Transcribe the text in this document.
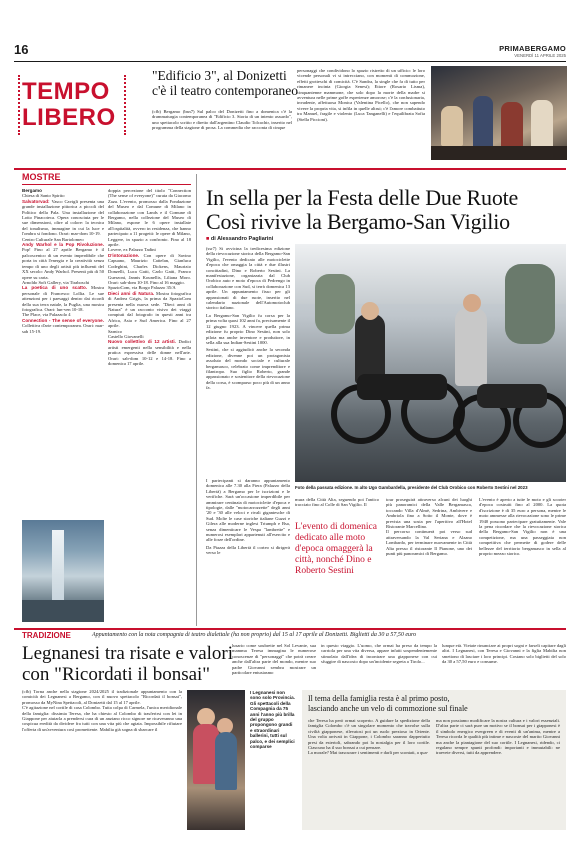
16	PRIMABERGAMO
VENERDÌ 11 APRILE 2025
TEMPO
LIBERO
"Edificio 3", al Donizetti
c'è il teatro contemporaneo
(cfb) Bergamo (bsn7) Sul palco del Donizetti fino a domenica c'è la drammaturgia contemporanea di "Edificio 3. Storia di un intento assurdo", uno spettacolo scritto e diretto dall'argentino Claudio Tolcachir, inserito nel programma della stagione di prosa. La commedia che racconta di cinque
personaggi che condividono lo spazio ristretto di un ufficio: le loro vicende personali vi si intrecciano, con momenti di commozione, effetti grotteschi di comicità. C'è Sandra, la single che fa di tutto per rimanere incinta (Giorgia Senesi); Ettore (Rosario Lisma), cinquantenne mammone, che solo dopo la morte della madre si avventura nelle prime goffe esperienze amorose; c'è la confusionaria, invadente, affettuosa Monica (Valentina Picello), che non sapendo vivere la propria vita, si infila in quelle altrui; c'è l'amore combattuto tra Manuel, fragile e violento (Luca Tanganelli) e l'equilibrata Sofia (Stella Piccioni).
MOSTRE
Bergamo
Chiesa di Santo Spirito
Salvatorvad: Vasco Cavigli presenta una grande installazione pittorica a piccoli del Politico della Pala. Una installazione del Lotto Pinacoteca. Opera conosciuta per le sue dimensioni, oltre al colore: la tecnica del tonalismo, immagine in cui la luce e l'ombra si fondono. Orari: mar-dom 10-19.
Centro Culturale San Bartolomeo
Andy Warhol e la Pop Rivoluzione. Pop! Fino al 27 aprile Bergamo è il palcoscenico di un evento imperdibile che porta in città l'energia e la creatività senza tempo di uno degli artisti più influenti del XX secolo: Andy Warhol. Presenti più di 50 opere su carta.
Arnoldo Soft Gallery, via Tiraboschi
La poetica di uno scatto. Mostra personale di Francesco Lollia. Le sue attenzioni per i paesaggi dentro dai ricordi della sua terra natale, la Puglia, una mostra fotografica. Orari: lun-ven 10-18.
The Place, via Palazzolo 4
Connection - The sense of everyone. Collettiva d'arte contemporanea. Orari: mar-sab 15-19.
doppia percezione del titolo "Connection (The sense of everyone)" curata da Giacomo Zaza. L'evento, promosso dalla Fondazione del Museo e dal Comune di Milano in collaborazione con Lands e il Comune di Bergamo, nella collezione del Museo di Milano, espone le 6 opere installate all'ospitalità, ovvero in residenza, che hanno partecipato a 11 progetti: le opere di Milano, Leggere, in spazio a confronto. Fino al 18 aprile.
Lovere, ex Palazzo Tadini
D'intonazione. Con opere di Savino Capuano, Maurizio Cattelan, Gianluca Codeghini, Charles Dickens, Maurizio Donzelli, Luca Gatti, Carlo Gatti, Franco Guerzoni, Jannis Kounellis, Liliana Moro. Orari: sab-dom 10-18. Fino al 16 maggio.
SpazioCom, via Borgo Palazzo 35/A
Dieci anni di Natura. Mostra fotografica di Andrea Grigis, la prima da SpazioCom presenta nella nuova sede. "Dieci anni di Natura" è un racconto visivo dei viaggi compiuti dal fotografo in questi anni tra Africa, Asia e Sud America. Fino al 27 aprile.
Sarnico
Castello Giovanelli
Nuovo collettivo di 12 artisti. Dodici artisti emergenti nella sensibilità e nella pratica espressiva delle donne nell'arte. Orari: sab-dom 10-12 e 14-18. Fino a domenica 17 aprile.
In sella per la Festa delle Due Ruote
Così rivive la Bergamo-San Vigilio
■ di Alessandro Pagliarini

(ssr7) Si avvicina la tredicesima edizione della rievocazione storica della Bergamo-San Vigilio, l'evento dedicato alle motociclette d'epoca che omaggia la città e due illustri concittadini, Dino e Roberto Sestini. La manifestazione, organizzata dal Club Orobico auto e moto d'epoca di Pedrengo in collaborazione con Sud, si terrà domenica 13 aprile. Un appuntamento fisso per gli appassionati di due ruote, inserito nel calendario nazionale dell'Automotoclub storico italiano.

La Bergamo-San Vigilio fu corsa per la prima volta quasi 102 anni fa, precisamente il 12 giugno 1923. A vincere quella prima edizione fu proprio Dino Sestini, non solo pilota ma anche inventore e produttore, in sella alla sua Indian-Sestini 1000.

Sestini, che si aggiudicò anche la seconda edizione, divenne poi un protagonista assoluto del mondo sociale e culturale bergamasco, celebrato come imprenditore e filantropo. Suo figlio Roberto, grande appassionato e sostenitore della rievocazione della corsa, è scomparso poco più di un anno fa.

I partecipanti si daranno appuntamento domenica alle 7.30 alla Fiera (Palazzo della Libertà) a Bergamo per le iscrizioni e le verifiche. Sarà un'occasione imperdibile per ammirare centinaia di motociclette d'epoca e tipologie, dalle "motocarrozzette" degli anni '20 e '30 alle veloci e rivali gigantesche di Sud. Molte le case storiche italiane Guzzi e Gilera alle moderne inglesi Triumph e Bsa, senza dimenticare le Vespa "lambrette" e numerosi esemplari appartenuti all'esercito e alle forze dell'ordine.

Da Piazza della Libertà il corteo si dirigerà verso le

Foto della passata edizione. In alto Ugo Gambardella, presidente del Club Orobico con Roberto Sestini nel 2023
mura della Città Alta, seguendo poi l'antico tracciato fino al Colle di San Vigilio. Il
L'evento di domenica dedicato alle moto d'epoca omaggerà la città, nonché Dino e Roberto Sestini
tour proseguirà attraverso alcuni dei luoghi più panoramici della Valle Bergamasca, toccando Villa d'Almè, Sedrina, Ambivere e Ambriola fino a Sotto il Monte, dove è prevista una sosta per l'aperitivo all'Hotel Ristorante Marcellino.
Il percorso continuerà poi verso sud attraversando la Val Seriana e Alzano Lombardo, per terminare nuovamente in Città Alta presso il ristorante Il Pianone, uno dei punti più panoramici di Bergamo.
L'evento è aperto a tutte le moto e gli scooter d'epoca costruiti fino al 2000. La quota d'iscrizione è di 35 euro a persona, mentre le moto ammesse alla rievocazione sono le prime 1940 possono partecipare gratuitamente. Vale la pena ricordare che la rievocazione storica della Bergamo-San Vigilio non è una competizione, ma una passeggiata non competitiva che permette di godere delle bellezze del territorio bergamasco in sella al proprio mezzo storico.
TRADIZIONE	Appuntamento con la nota compagnia di teatro dialettale (ha non proprio) dal 15 al 17 aprile al Donizetti. Biglietti da 30 a 57,50 euro
Legnanesi tra risate e valori
con "Ricordati il bonsai"
(cfb) Torna anche nella stagione 2024/2025 il tradizionale appuntamento con la comicità dei Legnanesi a Bergamo, con il nuovo spettacolo "Ricordati il bonsai", promosso da MyNina Spettacoli, al Donizetti dal 15 al 17 aprile.
C'è agitazione nel cortile di casa Colombo. Tutta colpa di Carmela, l'unica meridionale della famiglia: dissimia Teresa, che ha chiesto al Colombo di trasferirsi con lei in Giappone per aiutarla a prendersi cura di un anziano ricco signore ne ricaveranno una cospicua eredità da dividere fra tutti con una vita più che agiata. Impossibile rifiutare l'offerta di un'avventura così promettente. Mabilia già sogna di sbarcare il
I Legnanesi non sono solo Provincia. Gli spettacoli della Compagnia da 75 anni l'anno più brilla del gruppo propongono grandi e straordinari ballerini, tutti sul palco, e dei semplici comparse
lusario come soubrette nel Sol Levante, sua mamma Teresa immagina le numerose conoscenze di "personaggi" che potrà creare anche dall'altra parte del mondo, mentre suo padre Giovanni sembra mostrare un particolare entusiasmo
in questo viaggio. L'uomo, che ormai ha preso da tempo la carriola per una vita diversa, appare infatti sospendentemente stimolato dall'idea di incontrare una giapponese con cui sfuggire di nascosto dopo un'incidente segreta a Tirolo...
lunque età. Vietate rinunciare ai propri sogni e farseli capitare dagli altri. I Legnanesi, con Teresa e Giovanni e la figlia Mabilia non smettono di lasciare i loro principi. Costano solo biglietti del solo da 30 a 57,50 euro e consume.
Il tema della famiglia resta è al primo posto,
lasciando anche un velo di commozione sul finale
che Teresa ha però ormai scoperto. A guidare la spedizione della famiglia Colombo c'è un singolare momento che travolse sulla civiltà giapponese, rilevatosi poi un ruolo prezioso in Oriente. Una volta arrivati in Giappone, i Colombo saranno dappertutto presi da esterioli, sabrando poi la nostalgia per il loro cortile. Ciascuno ha il suo bonsai a cui pensare.
La morale? Mai trascurare i sentimenti e darli per scontati, a qua-
ma non possiamo modificare la nostra cultura e i valori essenziali. D'altra parte ci sarà pure un motivo se il bonsai per i giapponesi è il simbolo energico evergreen e di eventi di un'anima, mentre a Teresa ricorda le qualità più intime e nascoste del marito Giovanni ma anche la piantagione del suo cortile. I Legnanesi, ridendo, ci regalano sempre spunti profondi: importanti e immutabili: ne traevete diversi, tutti da apprendere.
